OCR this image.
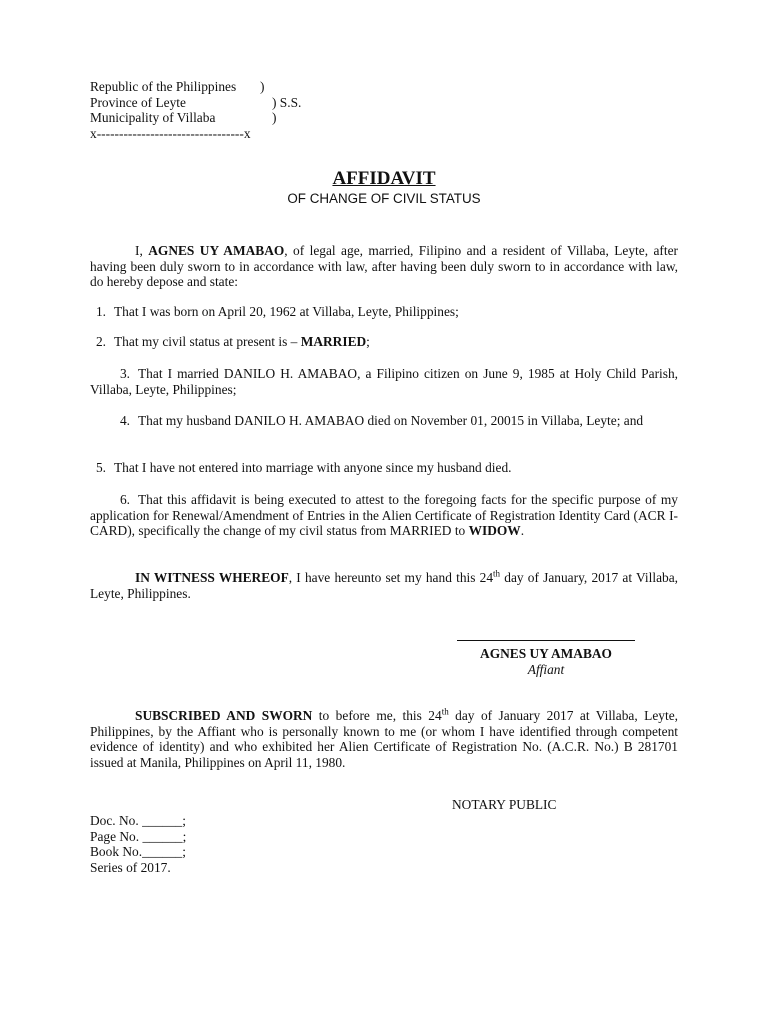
Republic of the Philippines )
Province of Leyte	) S.S.
Municipality of Villaba	)
x---------------------------------x
AFFIDAVIT
OF CHANGE OF CIVIL STATUS

I, AGNES UY AMABAO, of legal age, married, Filipino and a resident of Villaba, Leyte, after having been duly sworn to in accordance with law, after having been duly sworn to in accordance with law, do hereby depose and state:

1. That I was born on April 20, 1962 at Villaba, Leyte, Philippines;

2. That my civil status at present is – MARRIED;

3. That I married DANILO H. AMABAO, a Filipino citizen on June 9, 1985 at Holy Child Parish, Villaba, Leyte, Philippines;

4. That my husband DANILO H. AMABAO died on November 01, 20015 in Villaba, Leyte; and

5. That I have not entered into marriage with anyone since my husband died.

6. That this affidavit is being executed to attest to the foregoing facts for the specific purpose of my application for Renewal/Amendment of Entries in the Alien Certificate of Registration Identity Card (ACR I-CARD), specifically the change of my civil status from MARRIED to WIDOW.

IN WITNESS WHEREOF, I have hereunto set my hand this 24th day of January, 2017 at Villaba, Leyte, Philippines.

AGNES UY AMABAO
Affiant

SUBSCRIBED AND SWORN to before me, this 24th day of January 2017 at Villaba, Leyte, Philippines, by the Affiant who is personally known to me (or whom I have identified through competent evidence of identity) and who exhibited her Alien Certificate of Registration No. (A.C.R. No.) B 281701 issued at Manila, Philippines on April 11, 1980.

NOTARY PUBLIC
Doc. No. ______;
Page No. ______;
Book No.______;
Series of 2017.
